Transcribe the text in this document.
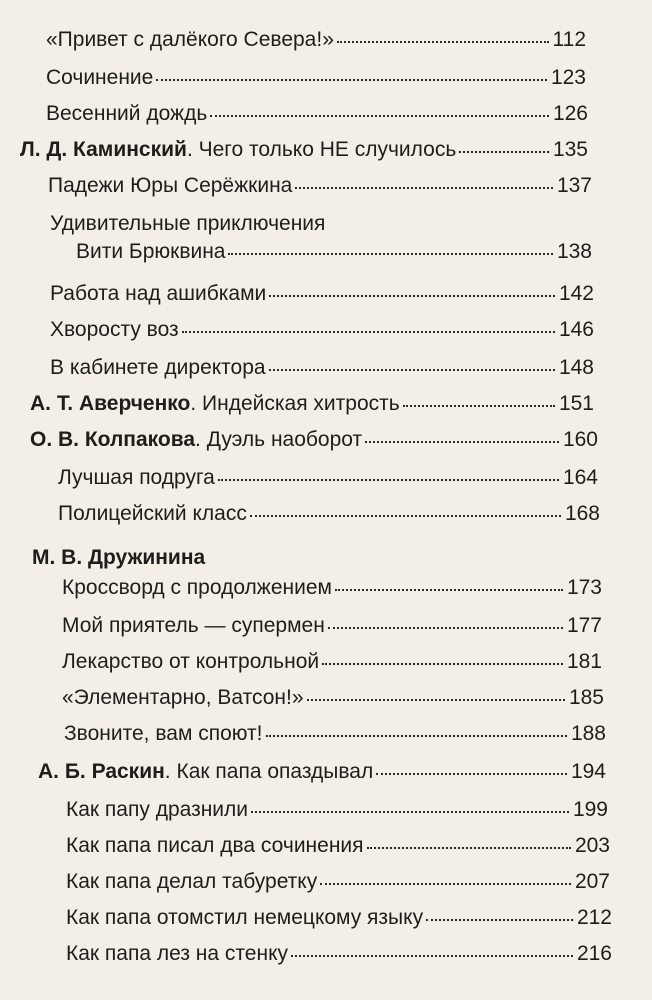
«Привет с далёкого Севера!»	112
Сочинение	123
Весенний дождь	126
Л. Д. Каминский . Чего только НЕ случилось	135
Падежи Юры Серёжкина	137
Удивительные приключения
Вити Брюквина	138
Работа над ашибками	142
Хворосту воз	146
В кабинете директора	148
А. Т. Аверченко . Индейская хитрость	151
О. В. Колпакова . Дуэль наоборот	160
Лучшая подруга	164
Полицейский класс	168
М. В. Дружинина
Кроссворд с продолжением	173
Мой приятель — супермен	177
Лекарство от контрольной	181
«Элементарно, Ватсон!»	185
Звоните, вам споют!	188
А. Б. Раскин . Как папа опаздывал	194
Как папу дразнили	199
Как папа писал два сочинения	203
Как папа делал табуретку	207
Как папа отомстил немецкому языку	212
Как папа лез на стенку	216
